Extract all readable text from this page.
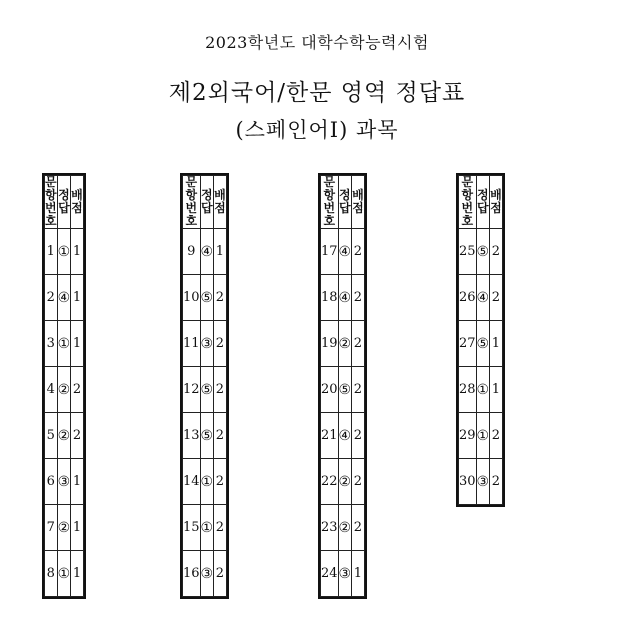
2023학년도 대학수학능력시험
제2외국어/한문 영역 정답표
(스페인어Ⅰ) 과목
문항 번호	정 답	배 점
1	①	1
2	④	1
3	①	1
4	②	2
5	②	2
6	③	1
7	②	1
8	①	1
문항 번호	정 답	배 점
9	④	1
10	⑤	2
11	③	2
12	⑤	2
13	⑤	2
14	①	2
15	①	2
16	③	2
문항 번호	정 답	배 점
17	④	2
18	④	2
19	②	2
20	⑤	2
21	④	2
22	②	2
23	②	2
24	③	1
문항 번호	정 답	배 점
25	⑤	2
26	④	2
27	⑤	1
28	①	1
29	①	2
30	③	2
